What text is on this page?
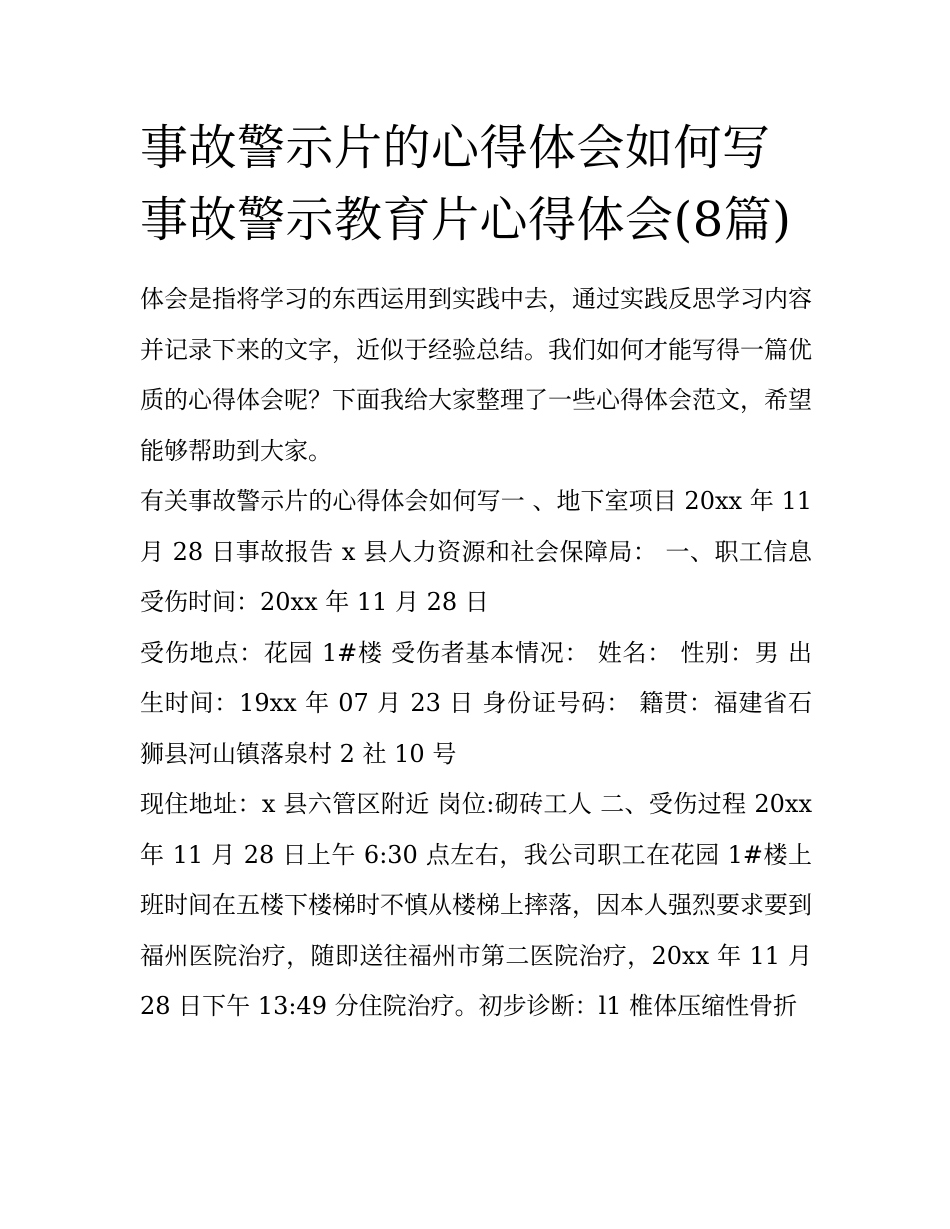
事故警示片的心得体会如何写事故警示教育片心得体会(8篇)

体会是指将学习的东西运用到实践中去，通过实践反思学习内容并记录下来的文字，近似于经验总结。我们如何才能写得一篇优质的心得体会呢？下面我给大家整理了一些心得体会范文，希望能够帮助到大家。

有关事故警示片的心得体会如何写一 、地下室项目 20xx 年 11 月 28 日事故报告 x 县人力资源和社会保障局： 一、职工信息 受伤时间：20xx 年 11 月 28 日

受伤地点：花园 1#楼 受伤者基本情况： 姓名： 性别：男 出生时间：19xx 年 07 月 23 日 身份证号码： 籍贯：福建省石狮县河山镇落泉村 2 社 10 号

现住地址：x 县六管区附近 岗位:砌砖工人 二、受伤过程 20xx 年 11 月 28 日上午 6:30 点左右，我公司职工在花园 1#楼上班时间在五楼下楼梯时不慎从楼梯上摔落，因本人强烈要求要到福州医院治疗，随即送往福州市第二医院治疗，20xx 年 11 月 28 日下午 13:49 分住院治疗。初步诊断：l1 椎体压缩性骨折
